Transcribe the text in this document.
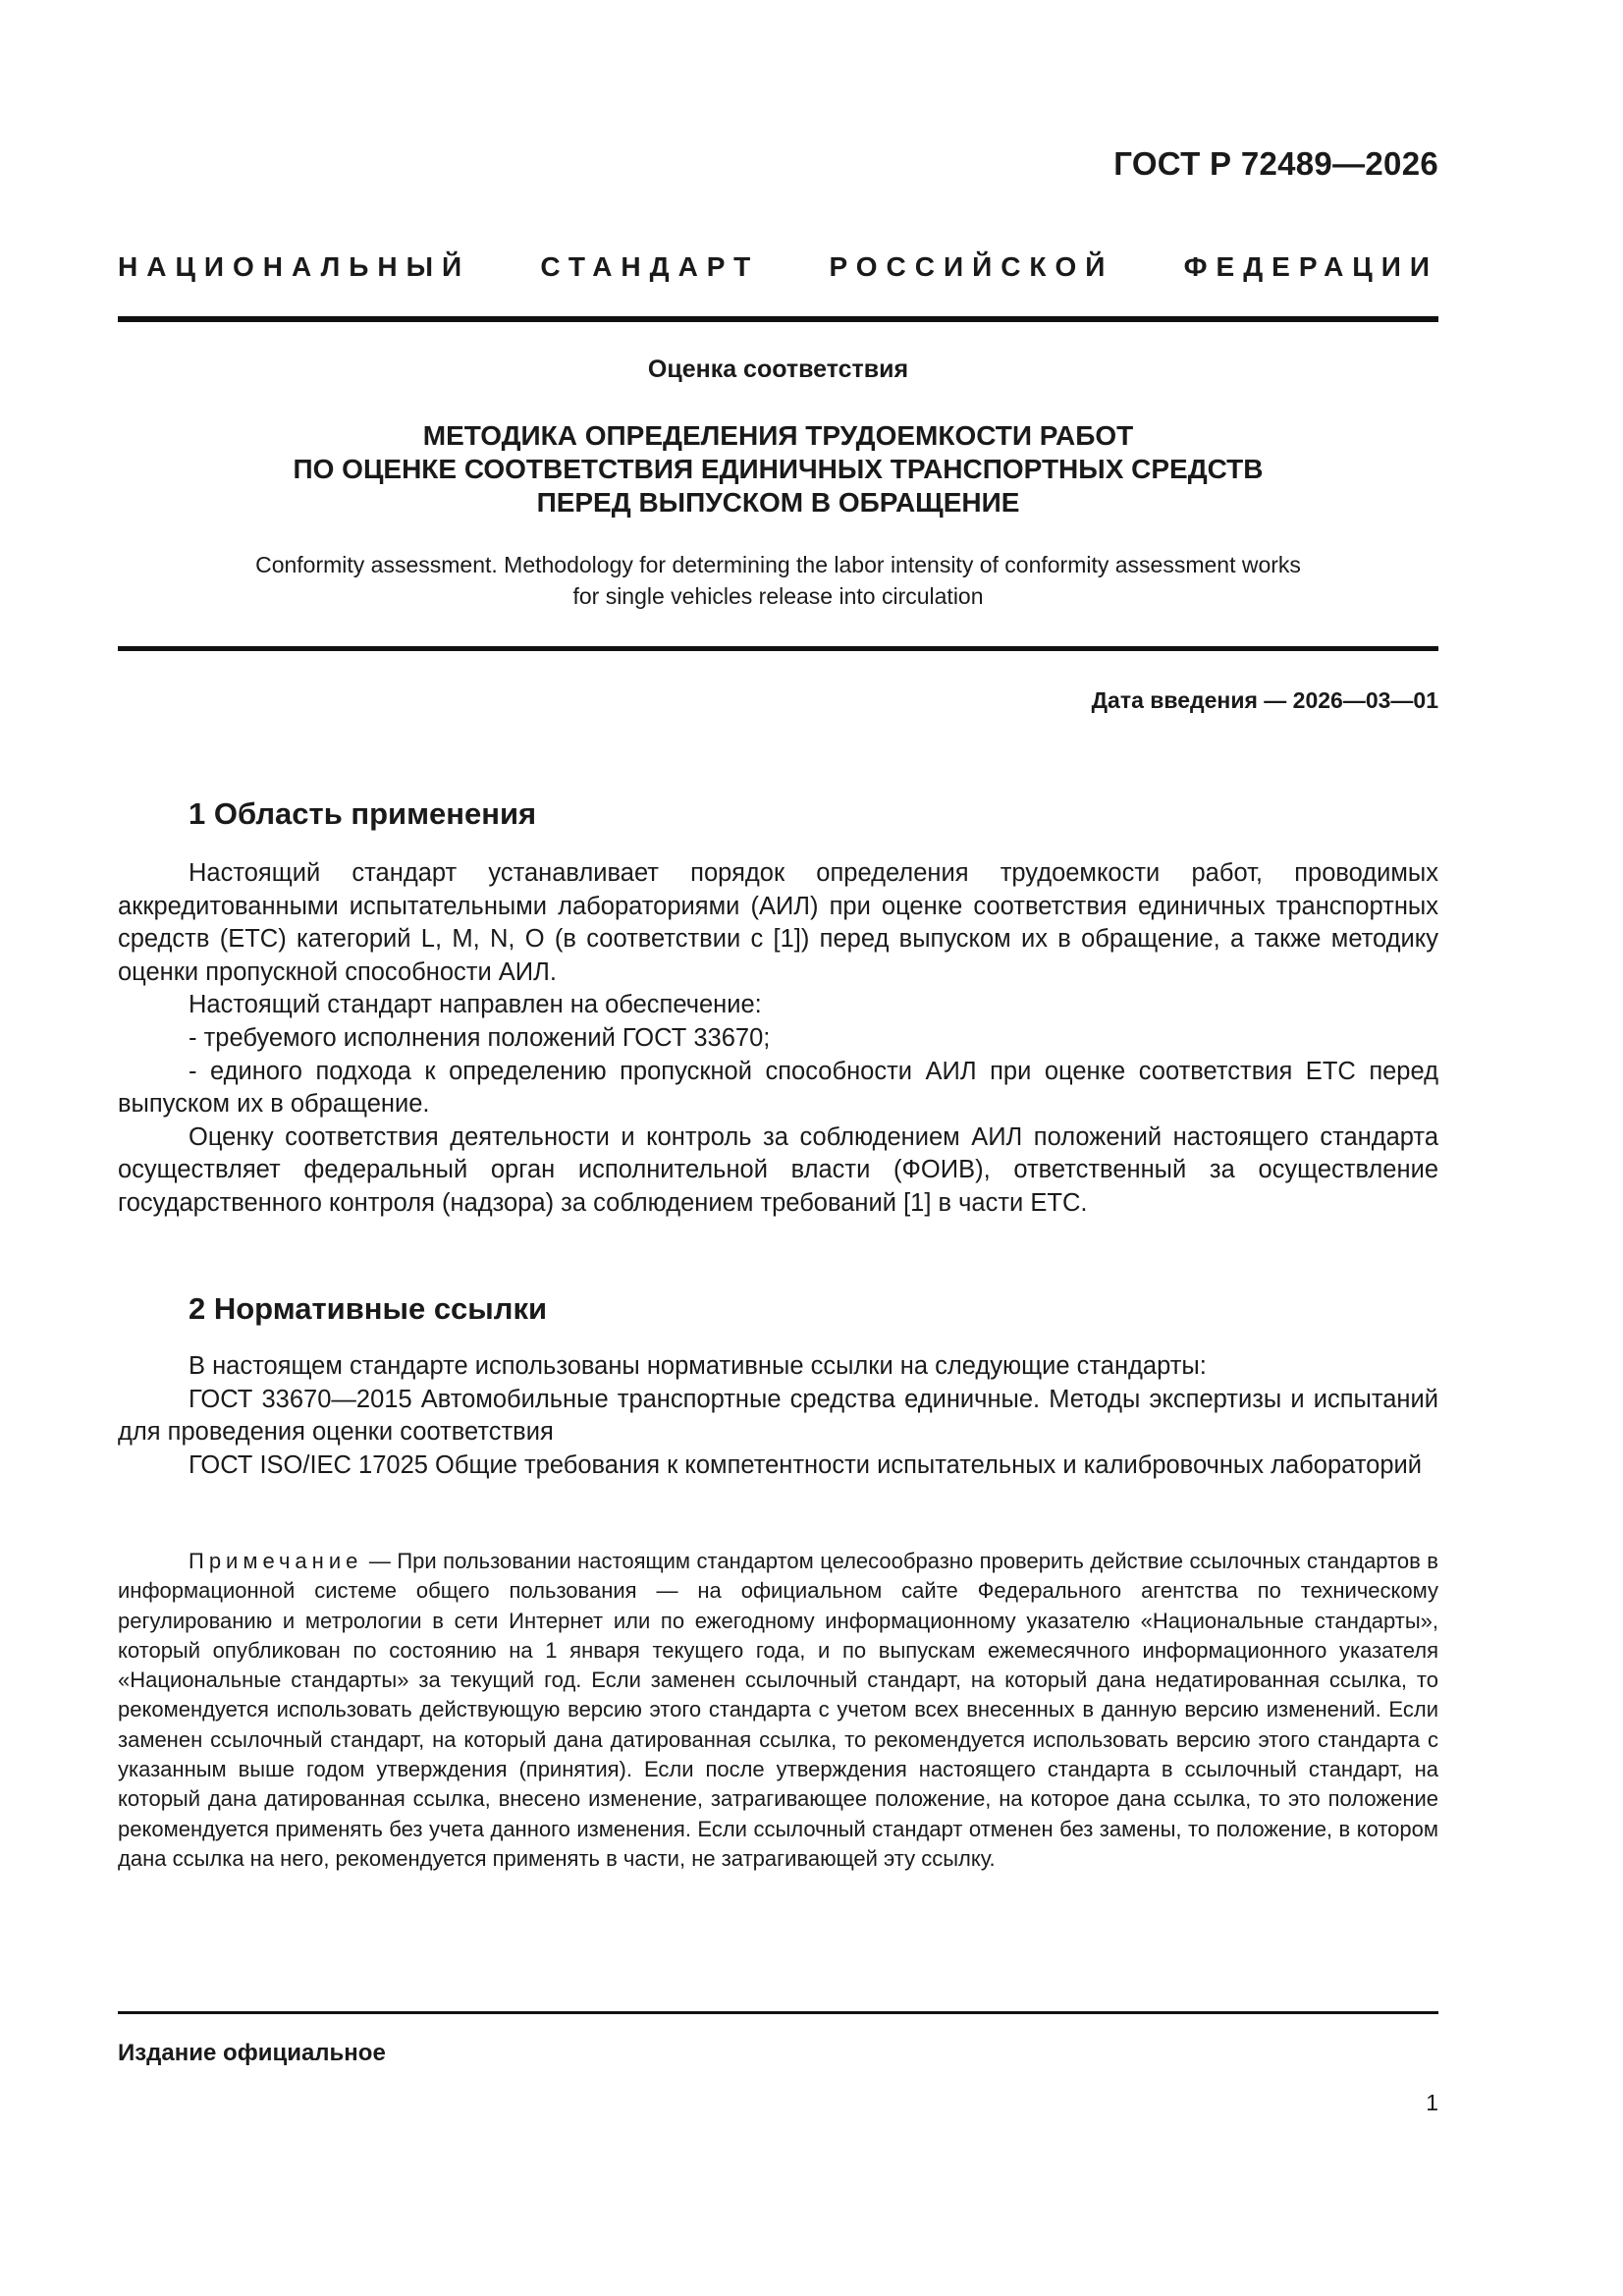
ГОСТ Р 72489—2026
НАЦИОНАЛЬНЫЙ СТАНДАРТ РОССИЙСКОЙ ФЕДЕРАЦИИ
Оценка соответствия
МЕТОДИКА ОПРЕДЕЛЕНИЯ ТРУДОЕМКОСТИ РАБОТ
ПО ОЦЕНКЕ СООТВЕТСТВИЯ ЕДИНИЧНЫХ ТРАНСПОРТНЫХ СРЕДСТВ
ПЕРЕД ВЫПУСКОМ В ОБРАЩЕНИЕ
Conformity assessment. Methodology for determining the labor intensity of conformity assessment works
for single vehicles release into circulation
Дата введения — 2026—03—01
1 Область применения

Настоящий стандарт устанавливает порядок определения трудоемкости работ, проводимых аккредитованными испытательными лабораториями (АИЛ) при оценке соответствия единичных транспортных средств (ЕТС) категорий L, M, N, O (в соответствии с [1]) перед выпуском их в обращение, а также методику оценки пропускной способности АИЛ.

Настоящий стандарт направлен на обеспечение:

- требуемого исполнения положений ГОСТ 33670;

- единого подхода к определению пропускной способности АИЛ при оценке соответствия ЕТС перед выпуском их в обращение.

Оценку соответствия деятельности и контроль за соблюдением АИЛ положений настоящего стандарта осуществляет федеральный орган исполнительной власти (ФОИВ), ответственный за осуществление государственного контроля (надзора) за соблюдением требований [1] в части ЕТС.

2 Нормативные ссылки

В настоящем стандарте использованы нормативные ссылки на следующие стандарты:

ГОСТ 33670—2015 Автомобильные транспортные средства единичные. Методы экспертизы и испытаний для проведения оценки соответствия

ГОСТ ISO/IEC 17025 Общие требования к компетентности испытательных и калибровочных лабораторий

Примечание — При пользовании настоящим стандартом целесообразно проверить действие ссылочных стандартов в информационной системе общего пользования — на официальном сайте Федерального агентства по техническому регулированию и метрологии в сети Интернет или по ежегодному информационному указателю «Национальные стандарты», который опубликован по состоянию на 1 января текущего года, и по выпускам ежемесячного информационного указателя «Национальные стандарты» за текущий год. Если заменен ссылочный стандарт, на который дана недатированная ссылка, то рекомендуется использовать действующую версию этого стандарта с учетом всех внесенных в данную версию изменений. Если заменен ссылочный стандарт, на который дана датированная ссылка, то рекомендуется использовать версию этого стандарта с указанным выше годом утверждения (принятия). Если после утверждения настоящего стандарта в ссылочный стандарт, на который дана датированная ссылка, внесено изменение, затрагивающее положение, на которое дана ссылка, то это положение рекомендуется применять без учета данного изменения. Если ссылочный стандарт отменен без замены, то положение, в котором дана ссылка на него, рекомендуется применять в части, не затрагивающей эту ссылку.
Издание официальное
1
